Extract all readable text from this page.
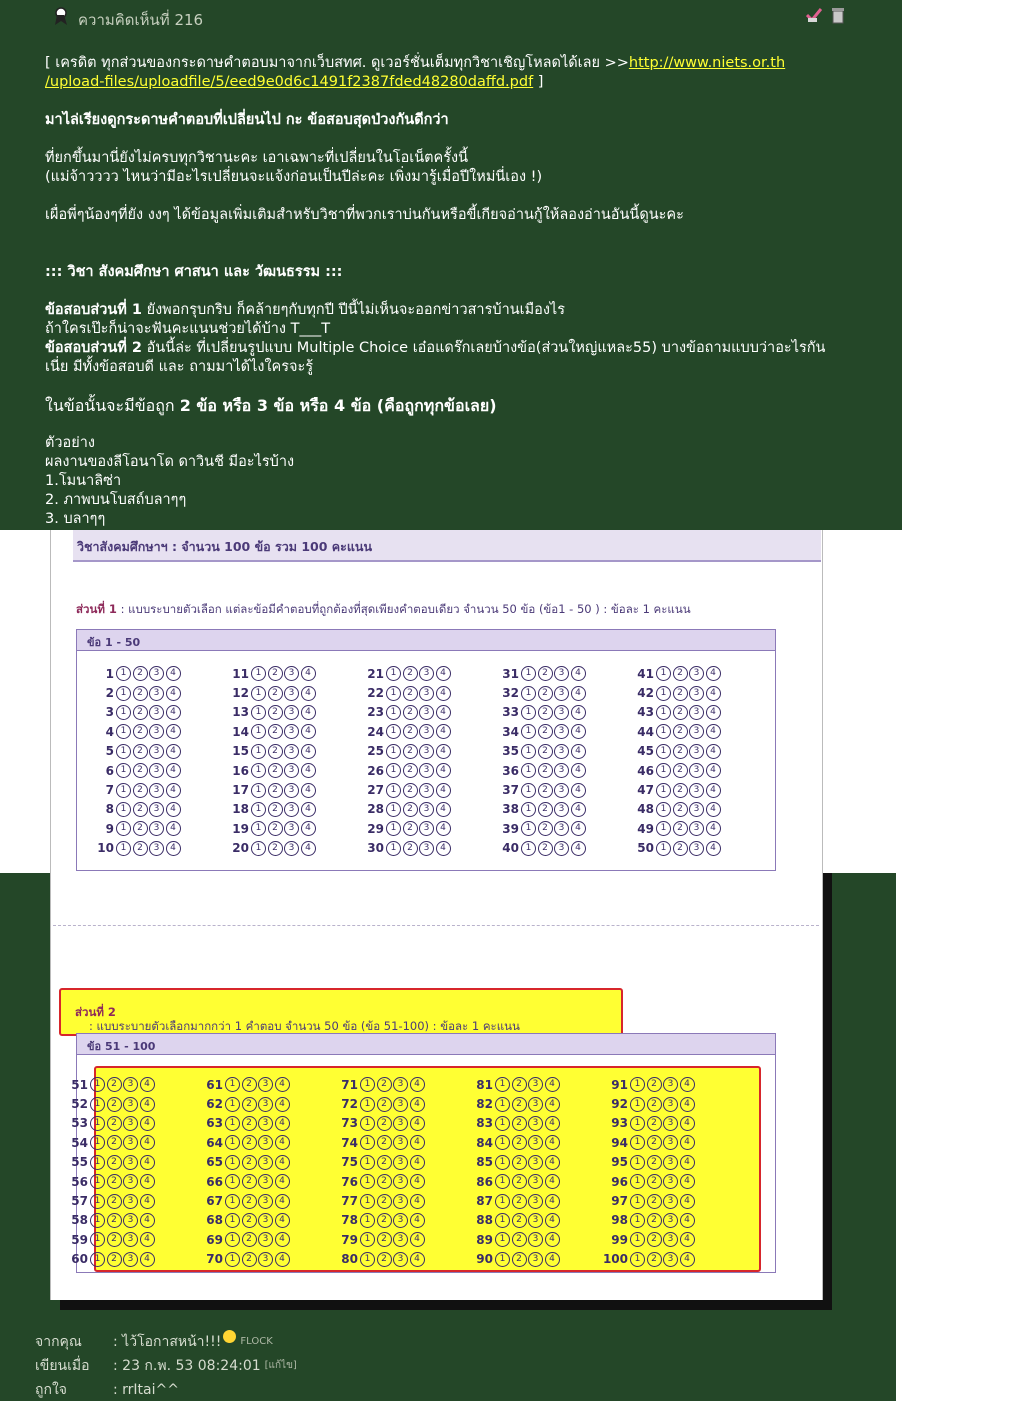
ความคิดเห็นที่ 216

[ เครดิต ทุกส่วนของกระดาษคำตอบมาจากเว็บสทศ. ดูเวอร์ชั่นเต็มทุกวิชาเชิญโหลดได้เลย >>http://www.niets.or.th
/upload-files/uploadfile/5/eed9e0d6c1491f2387fded48280daffd.pdf ]

มาไล่เรียงดูกระดาษคำตอบที่เปลี่ยนไป กะ ข้อสอบสุดป่วงกันดีกว่า

ที่ยกขึ้นมานี่ยังไม่ครบทุกวิชานะคะ เอาเฉพาะที่เปลี่ยนในโอเน็ตครั้งนี้

(แม่จ้าวววว ไหนว่ามีอะไรเปลี่ยนจะแจ้งก่อนเป็นปีล่ะคะ เพิ่งมารู้เมื่อปีใหม่นี่เอง !)

เผื่อพี่ๆน้องๆที่ยัง งงๆ ได้ข้อมูลเพิ่มเติมสำหรับวิชาที่พวกเราบ่นกันหรือขี้เกียจอ่านกู้ให้ลองอ่านอันนี้ดูนะคะ

::: วิชา สังคมศึกษา ศาสนา และ วัฒนธรรม :::

ข้อสอบส่วนที่ 1 ยังพอกรุบกริบ ก็คล้ายๆกับทุกปี ปีนี้ไม่เห็นจะออกข่าวสารบ้านเมืองไร

ถ้าใครเป๊ะก็น่าจะฟันคะแนนช่วยได้บ้าง T___T

ข้อสอบส่วนที่ 2 อันนี้ล่ะ ที่เปลี่ยนรูปแบบ Multiple Choice เอ๋อแดร๊กเลยบ้างข้อ(ส่วนใหญ่แหละ55) บางข้อถามแบบว่าอะไรกัน

เนี่ย มีทั้งข้อสอบดี และ ถามมาได้ไงใครจะรู้

ในข้อนั้นจะมีข้อถูก 2 ข้อ หรือ 3 ข้อ หรือ 4 ข้อ (คือถูกทุกข้อเลย)

ตัวอย่าง

ผลงานของลีโอนาโด ดาวินชี มีอะไรบ้าง

1.โมนาลิซ่า

2. ภาพบนโบสถ์บลาๆๆ

3. บลาๆๆ

วิชาสังคมศึกษาฯ : จำนวน 100 ข้อ รวม 100 คะแนน
ส่วนที่ 1 : แบบระบายตัวเลือก แต่ละข้อมีคำตอบที่ถูกต้องที่สุดเพียงคำตอบเดียว จำนวน 50 ข้อ (ข้อ1 - 50 ) : ข้อละ 1 คะแนน
ข้อ 1 - 50
1 1	2	3	4
2 1	2	3	4
3 1	2	3	4
4 1	2	3	4
5 1	2	3	4
6 1	2	3	4
7 1	2	3	4
8 1	2	3	4
9 1	2	3	4
10 1	2	3	4
11 1	2	3	4
12 1	2	3	4
13 1	2	3	4
14 1	2	3	4
15 1	2	3	4
16 1	2	3	4
17 1	2	3	4
18 1	2	3	4
19 1	2	3	4
20 1	2	3	4
21 1	2	3	4
22 1	2	3	4
23 1	2	3	4
24 1	2	3	4
25 1	2	3	4
26 1	2	3	4
27 1	2	3	4
28 1	2	3	4
29 1	2	3	4
30 1	2	3	4
31 1	2	3	4
32 1	2	3	4
33 1	2	3	4
34 1	2	3	4
35 1	2	3	4
36 1	2	3	4
37 1	2	3	4
38 1	2	3	4
39 1	2	3	4
40 1	2	3	4
41 1	2	3	4
42 1	2	3	4
43 1	2	3	4
44 1	2	3	4
45 1	2	3	4
46 1	2	3	4
47 1	2	3	4
48 1	2	3	4
49 1	2	3	4
50 1	2	3	4
ส่วนที่ 2
: แบบระบายตัวเลือกมากกว่า 1 คำตอบ จำนวน 50 ข้อ (ข้อ 51-100) : ข้อละ 1 คะแนน
ข้อ 51 - 100
51 1	2	3	4
52 1	2	3	4
53 1	2	3	4
54 1	2	3	4
55 1	2	3	4
56 1	2	3	4
57 1	2	3	4
58 1	2	3	4
59 1	2	3	4
60 1	2	3	4
61 1	2	3	4
62 1	2	3	4
63 1	2	3	4
64 1	2	3	4
65 1	2	3	4
66 1	2	3	4
67 1	2	3	4
68 1	2	3	4
69 1	2	3	4
70 1	2	3	4
71 1	2	3	4
72 1	2	3	4
73 1	2	3	4
74 1	2	3	4
75 1	2	3	4
76 1	2	3	4
77 1	2	3	4
78 1	2	3	4
79 1	2	3	4
80 1	2	3	4
81 1	2	3	4
82 1	2	3	4
83 1	2	3	4
84 1	2	3	4
85 1	2	3	4
86 1	2	3	4
87 1	2	3	4
88 1	2	3	4
89 1	2	3	4
90 1	2	3	4
91 1	2	3	4
92 1	2	3	4
93 1	2	3	4
94 1	2	3	4
95 1	2	3	4
96 1	2	3	4
97 1	2	3	4
98 1	2	3	4
99 1	2	3	4
100 1	2	3	4
จากคุณ	: ไว้โอกาสหน้า!!! FLOCK
เขียนเมื่อ	: 23 ก.พ. 53 08:24:01 [แก้ไข]
ถูกใจ	: rrItai^^
